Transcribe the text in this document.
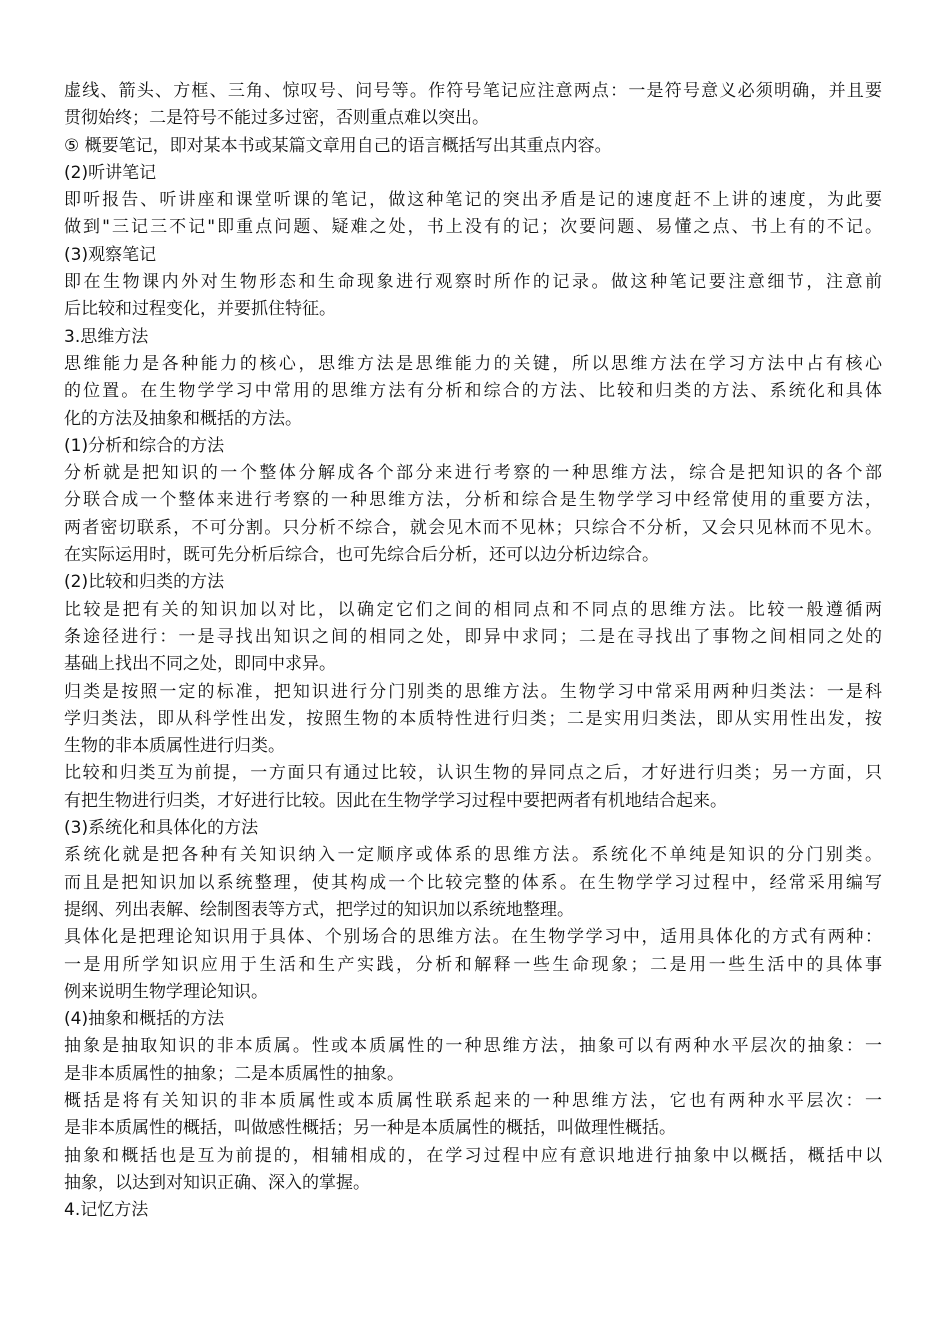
虚线、箭头、方框、三角、惊叹号、问号等。作符号笔记应注意两点：一是符号意义必须明确，并且要
贯彻始终；二是符号不能过多过密，否则重点难以突出。
⑤ 概要笔记，即对某本书或某篇文章用自己的语言概括写出其重点内容。
(2)听讲笔记
即听报告、听讲座和课堂听课的笔记，做这种笔记的突出矛盾是记的速度赶不上讲的速度，为此要
做到"三记三不记"即重点问题、疑难之处，书上没有的记；次要问题、易懂之点、书上有的不记。
(3)观察笔记
即在生物课内外对生物形态和生命现象进行观察时所作的记录。做这种笔记要注意细节，注意前
后比较和过程变化，并要抓住特征。
3.思维方法
思维能力是各种能力的核心，思维方法是思维能力的关键，所以思维方法在学习方法中占有核心
的位置。在生物学学习中常用的思维方法有分析和综合的方法、比较和归类的方法、系统化和具体
化的方法及抽象和概括的方法。
(1)分析和综合的方法
分析就是把知识的一个整体分解成各个部分来进行考察的一种思维方法，综合是把知识的各个部
分联合成一个整体来进行考察的一种思维方法，分析和综合是生物学学习中经常使用的重要方法，
两者密切联系，不可分割。只分析不综合，就会见木而不见林；只综合不分析，又会只见林而不见木。
在实际运用时，既可先分析后综合，也可先综合后分析，还可以边分析边综合。
(2)比较和归类的方法
比较是把有关的知识加以对比，以确定它们之间的相同点和不同点的思维方法。比较一般遵循两
条途径进行：一是寻找出知识之间的相同之处，即异中求同；二是在寻找出了事物之间相同之处的
基础上找出不同之处，即同中求异。
归类是按照一定的标准，把知识进行分门别类的思维方法。生物学习中常采用两种归类法：一是科
学归类法，即从科学性出发，按照生物的本质特性进行归类；二是实用归类法，即从实用性出发，按
生物的非本质属性进行归类。
比较和归类互为前提，一方面只有通过比较，认识生物的异同点之后，才好进行归类；另一方面，只
有把生物进行归类，才好进行比较。因此在生物学学习过程中要把两者有机地结合起来。
(3)系统化和具体化的方法
系统化就是把各种有关知识纳入一定顺序或体系的思维方法。系统化不单纯是知识的分门别类。
而且是把知识加以系统整理，使其构成一个比较完整的体系。在生物学学习过程中，经常采用编写
提纲、列出表解、绘制图表等方式，把学过的知识加以系统地整理。
具体化是把理论知识用于具体、个别场合的思维方法。在生物学学习中，适用具体化的方式有两种：
一是用所学知识应用于生活和生产实践，分析和解释一些生命现象；二是用一些生活中的具体事
例来说明生物学理论知识。
(4)抽象和概括的方法
抽象是抽取知识的非本质属。性或本质属性的一种思维方法，抽象可以有两种水平层次的抽象：一
是非本质属性的抽象；二是本质属性的抽象。
概括是将有关知识的非本质属性或本质属性联系起来的一种思维方法，它也有两种水平层次：一
是非本质属性的概括，叫做感性概括；另一种是本质属性的概括，叫做理性概括。
抽象和概括也是互为前提的，相辅相成的，在学习过程中应有意识地进行抽象中以概括，概括中以
抽象，以达到对知识正确、深入的掌握。
4.记忆方法
